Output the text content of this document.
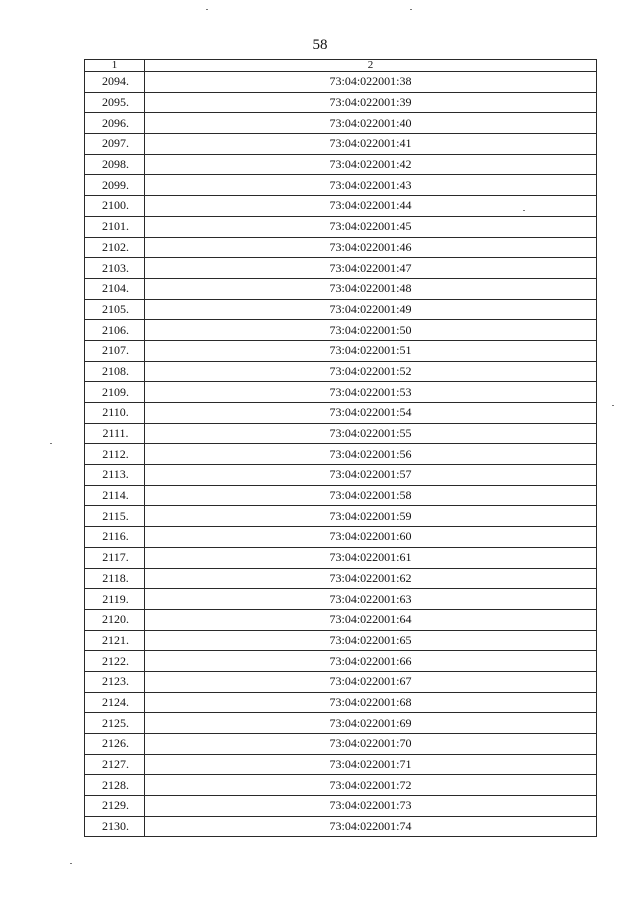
58
1	2
2094.	73:04:022001:38
2095.	73:04:022001:39
2096.	73:04:022001:40
2097.	73:04:022001:41
2098.	73:04:022001:42
2099.	73:04:022001:43
2100.	73:04:022001:44
2101.	73:04:022001:45
2102.	73:04:022001:46
2103.	73:04:022001:47
2104.	73:04:022001:48
2105.	73:04:022001:49
2106.	73:04:022001:50
2107.	73:04:022001:51
2108.	73:04:022001:52
2109.	73:04:022001:53
2110.	73:04:022001:54
2111.	73:04:022001:55
2112.	73:04:022001:56
2113.	73:04:022001:57
2114.	73:04:022001:58
2115.	73:04:022001:59
2116.	73:04:022001:60
2117.	73:04:022001:61
2118.	73:04:022001:62
2119.	73:04:022001:63
2120.	73:04:022001:64
2121.	73:04:022001:65
2122.	73:04:022001:66
2123.	73:04:022001:67
2124.	73:04:022001:68
2125.	73:04:022001:69
2126.	73:04:022001:70
2127.	73:04:022001:71
2128.	73:04:022001:72
2129.	73:04:022001:73
2130.	73:04:022001:74
